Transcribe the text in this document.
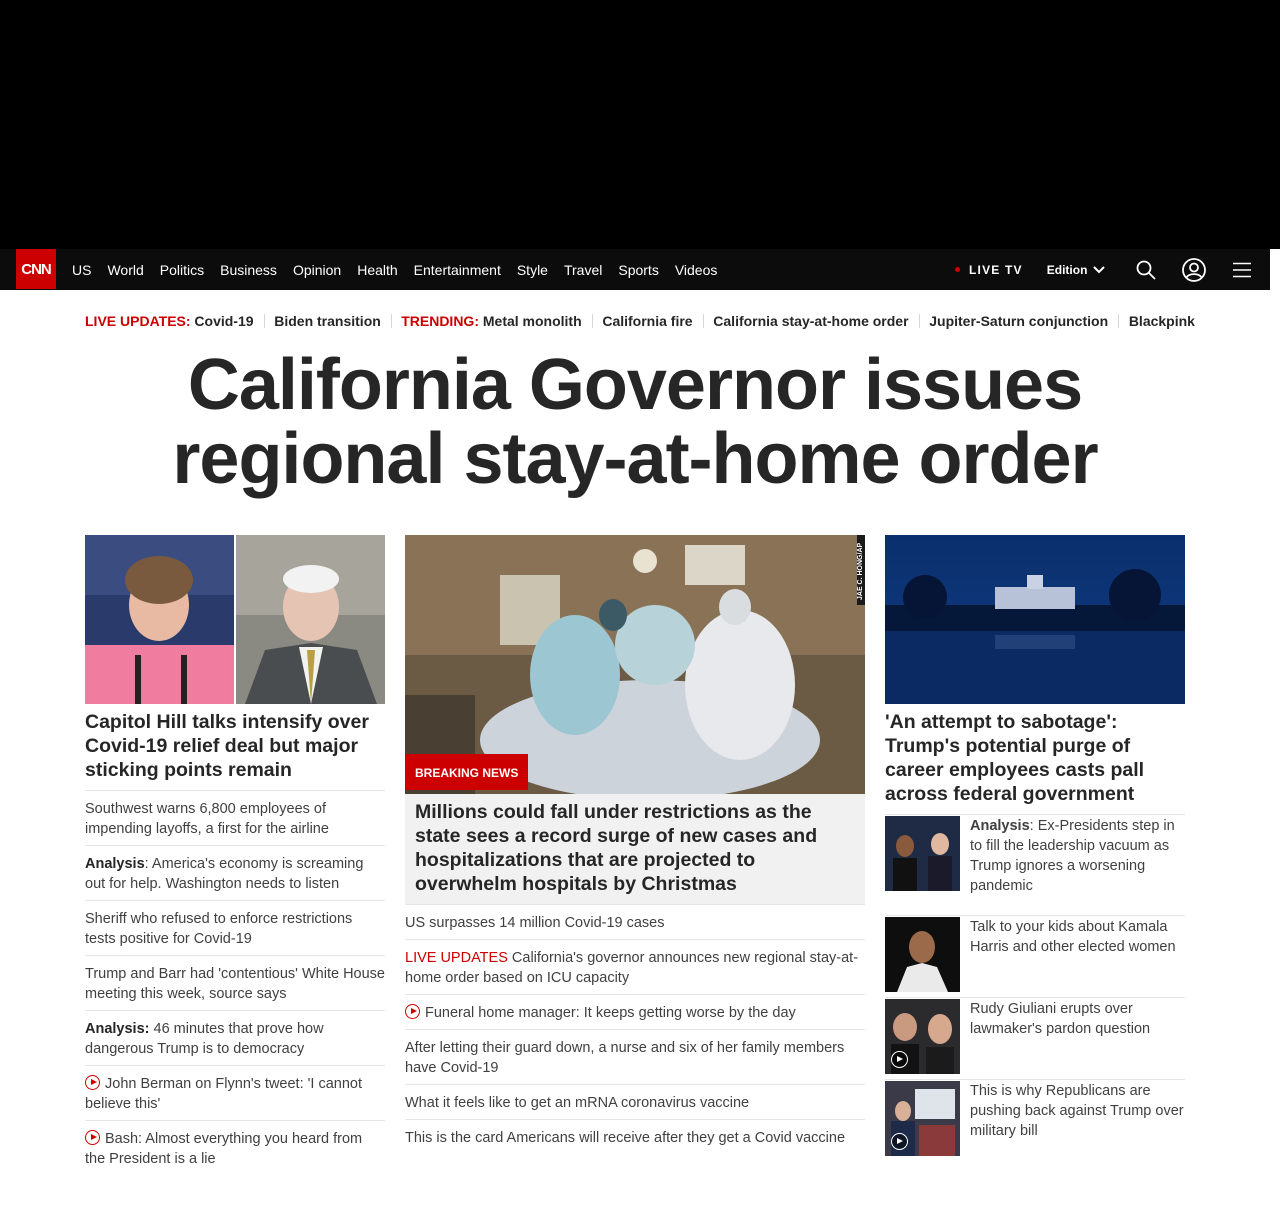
CNN	US World Politics Business Opinion Health Entertainment Style Travel Sports Videos	LIVE TV Edition
LIVE UPDATES:
Covid-19 Biden transition TRENDING:
Metal monolith California fire California stay-at-home order Jupiter-Saturn conjunction Blackpink
California Governor issues
regional stay-at-home order
Capitol Hill talks intensify over Covid-19 relief deal but major sticking points remain
Southwest warns 6,800 employees of impending layoffs, a first for the airline
Analysis: America's economy is screaming out for help. Washington needs to listen
Sheriff who refused to enforce restrictions tests positive for Covid-19
Trump and Barr had 'contentious' White House meeting this week, source says
Analysis: 46 minutes that prove how dangerous Trump is to democracy
John Berman on Flynn's tweet: 'I cannot believe this'
Bash: Almost everything you heard from the President is a lie
JAE C. HONG/AP
BREAKING NEWS
Millions could fall under restrictions as the state sees a record surge of new cases and hospitalizations that are projected to overwhelm hospitals by Christmas
US surpasses 14 million Covid-19 cases
LIVE UPDATES California's governor announces new regional stay-at-home order based on ICU capacity
Funeral home manager: It keeps getting worse by the day
After letting their guard down, a nurse and six of her family members have Covid-19
What it feels like to get an mRNA coronavirus vaccine
This is the card Americans will receive after they get a Covid vaccine
'An attempt to sabotage': Trump's potential purge of career employees casts pall across federal government
Analysis: Ex-Presidents step in to fill the leadership vacuum as Trump ignores a worsening pandemic
Talk to your kids about Kamala Harris and other elected women
Rudy Giuliani erupts over lawmaker's pardon question
This is why Republicans are pushing back against Trump over military bill
